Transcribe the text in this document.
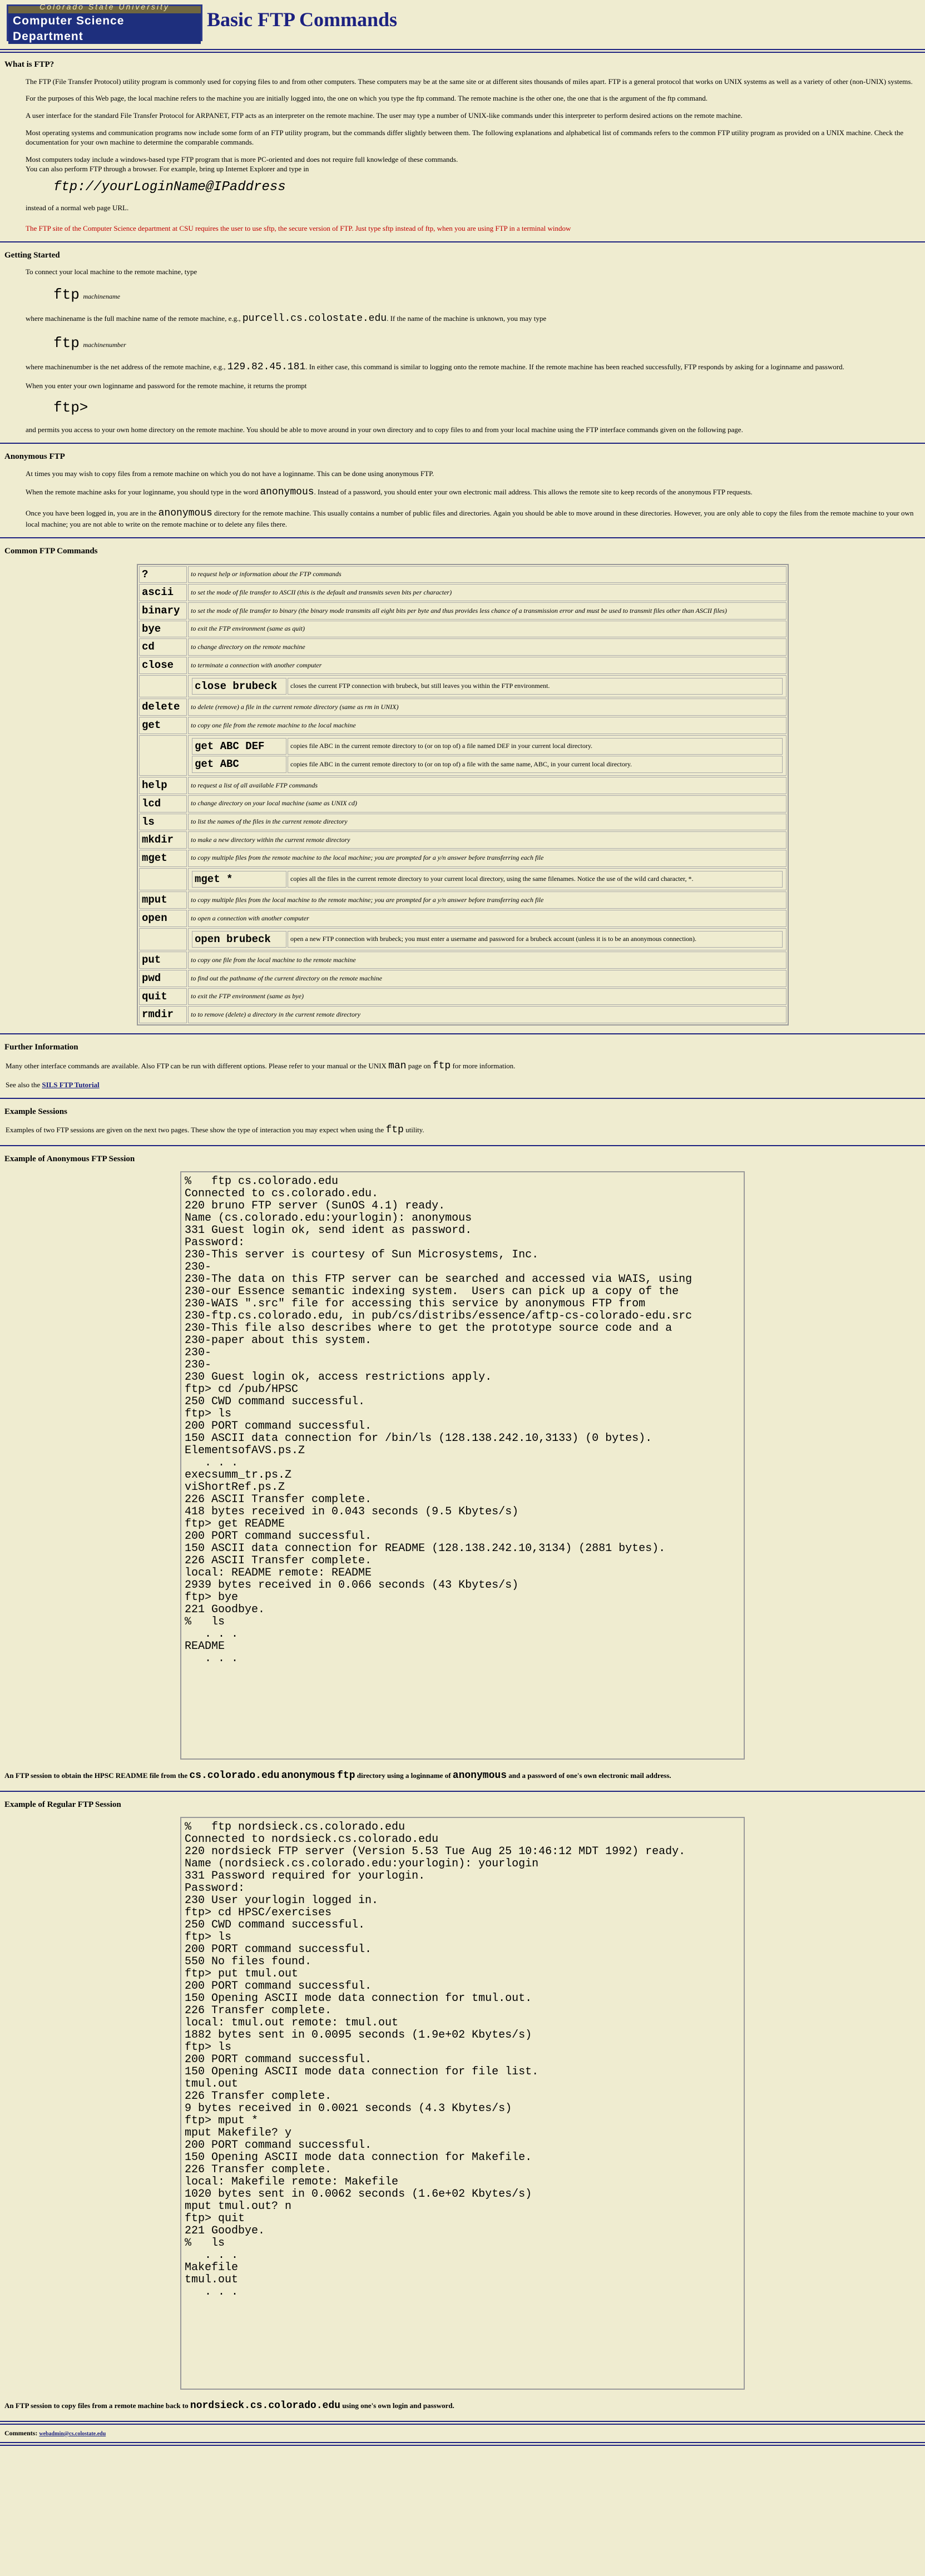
Colorado State University
Computer Science Department
Basic FTP Commands
What is FTP?

The FTP (File Transfer Protocol) utility program is commonly used for copying files to and from other computers. These computers may be at the same site or at different sites thousands of miles apart. FTP is a general protocol that works on UNIX systems as well as a variety of other (non-UNIX) systems.

For the purposes of this Web page, the local machine refers to the machine you are initially logged into, the one on which you type the ftp command. The remote machine is the other one, the one that is the argument of the ftp command.

A user interface for the standard File Transfer Protocol for ARPANET, FTP acts as an interpreter on the remote machine. The user may type a number of UNIX-like commands under this interpreter to perform desired actions on the remote machine.

Most operating systems and communication programs now include some form of an FTP utility program, but the commands differ slightly between them. The following explanations and alphabetical list of commands refers to the common FTP utility program as provided on a UNIX machine. Check the documentation for your own machine to determine the comparable commands.

Most computers today include a windows-based type FTP program that is more PC-oriented and does not require full knowledge of these commands.
You can also perform FTP through a browser. For example, bring up Internet Explorer and type in

ftp://yourLoginName@IPaddress

instead of a normal web page URL.

The FTP site of the Computer Science department at CSU requires the user to use sftp, the secure version of FTP. Just type sftp instead of ftp, when you are using FTP in a terminal window

Getting Started

To connect your local machine to the remote machine, type

ftp machinename

where machinename is the full machine name of the remote machine, e.g., purcell.cs.colostate.edu. If the name of the machine is unknown, you may type

ftp machinenumber

where machinenumber is the net address of the remote machine, e.g., 129.82.45.181. In either case, this command is similar to logging onto the remote machine. If the remote machine has been reached successfully, FTP responds by asking for a loginname and password.

When you enter your own loginname and password for the remote machine, it returns the prompt

ftp>

and permits you access to your own home directory on the remote machine. You should be able to move around in your own directory and to copy files to and from your local machine using the FTP interface commands given on the following page.

Anonymous FTP

At times you may wish to copy files from a remote machine on which you do not have a loginname. This can be done using anonymous FTP.

When the remote machine asks for your loginname, you should type in the word anonymous. Instead of a password, you should enter your own electronic mail address. This allows the remote site to keep records of the anonymous FTP requests.

Once you have been logged in, you are in the anonymous directory for the remote machine. This usually contains a number of public files and directories. Again you should be able to move around in these directories. However, you are only able to copy the files from the remote machine to your own local machine; you are not able to write on the remote machine or to delete any files there.

Common FTP Commands
?	to request help or information about the FTP commands
ascii	to set the mode of file transfer to ASCII (this is the default and transmits seven bits per character)
binary	to set the mode of file transfer to binary (the binary mode transmits all eight bits per byte and thus provides less chance of a transmission error and must be used to transmit files other than ASCII files)
bye	to exit the FTP environment (same as quit)
cd	to change directory on the remote machine
close	to terminate a connection with another computer

close brubeck	closes the current FTP connection with brubeck, but still leaves you within the FTP environment.

delete	to delete (remove) a file in the current remote directory (same as rm in UNIX)
get	to copy one file from the remote machine to the local machine

get ABC DEF	copies file ABC in the current remote directory to (or on top of) a file named DEF in your current local directory.
get ABC	copies file ABC in the current remote directory to (or on top of) a file with the same name, ABC, in your current local directory.

help	to request a list of all available FTP commands
lcd	to change directory on your local machine (same as UNIX cd)
ls	to list the names of the files in the current remote directory
mkdir	to make a new directory within the current remote directory
mget	to copy multiple files from the remote machine to the local machine; you are prompted for a y/n answer before transferring each file

mget *	copies all the files in the current remote directory to your current local directory, using the same filenames. Notice the use of the wild card character, *.

mput	to copy multiple files from the local machine to the remote machine; you are prompted for a y/n answer before transferring each file
open	to open a connection with another computer

open brubeck	open a new FTP connection with brubeck; you must enter a username and password for a brubeck account (unless it is to be an anonymous connection).

put	to copy one file from the local machine to the remote machine
pwd	to find out the pathname of the current directory on the remote machine
quit	to exit the FTP environment (same as bye)
rmdir	to to remove (delete) a directory in the current remote directory
Further Information

Many other interface commands are available. Also FTP can be run with different options. Please refer to your manual or the UNIX man page on ftp for more information.

See also the SILS FTP Tutorial

Example Sessions

Examples of two FTP sessions are given on the next two pages. These show the type of interaction you may expect when using the ftp utility.

Example of Anonymous FTP Session
%   ftp cs.colorado.edu
Connected to cs.colorado.edu.
220 bruno FTP server (SunOS 4.1) ready.
Name (cs.colorado.edu:yourlogin): anonymous
331 Guest login ok, send ident as password.
Password:
230-This server is courtesy of Sun Microsystems, Inc.
230-
230-The data on this FTP server can be searched and accessed via WAIS, using
230-our Essence semantic indexing system.  Users can pick up a copy of the
230-WAIS ".src" file for accessing this service by anonymous FTP from
230-ftp.cs.colorado.edu, in pub/cs/distribs/essence/aftp-cs-colorado-edu.src
230-This file also describes where to get the prototype source code and a
230-paper about this system.
230-
230-
230 Guest login ok, access restrictions apply.
ftp> cd /pub/HPSC
250 CWD command successful.
ftp> ls
200 PORT command successful.
150 ASCII data connection for /bin/ls (128.138.242.10,3133) (0 bytes).
ElementsofAVS.ps.Z
. . .
execsumm_tr.ps.Z
viShortRef.ps.Z
226 ASCII Transfer complete.
418 bytes received in 0.043 seconds (9.5 Kbytes/s)
ftp> get README
200 PORT command successful.
150 ASCII data connection for README (128.138.242.10,3134) (2881 bytes).
226 ASCII Transfer complete.
local: README remote: README
2939 bytes received in 0.066 seconds (43 Kbytes/s)
ftp> bye
221 Goodbye.
%   ls
. . .
README
. . .
An FTP session to obtain the HPSC README file from the cs.colorado.edu anonymous ftp directory using a loginname of anonymous and a password of one's own electronic mail address.
Example of Regular FTP Session
%   ftp nordsieck.cs.colorado.edu
Connected to nordsieck.cs.colorado.edu
220 nordsieck FTP server (Version 5.53 Tue Aug 25 10:46:12 MDT 1992) ready.
Name (nordsieck.cs.colorado.edu:yourlogin): yourlogin
331 Password required for yourlogin.
Password:
230 User yourlogin logged in.
ftp> cd HPSC/exercises
250 CWD command successful.
ftp> ls
200 PORT command successful.
550 No files found.
ftp> put tmul.out
200 PORT command successful.
150 Opening ASCII mode data connection for tmul.out.
226 Transfer complete.
local: tmul.out remote: tmul.out
1882 bytes sent in 0.0095 seconds (1.9e+02 Kbytes/s)
ftp> ls
200 PORT command successful.
150 Opening ASCII mode data connection for file list.
tmul.out
226 Transfer complete.
9 bytes received in 0.0021 seconds (4.3 Kbytes/s)
ftp> mput *
mput Makefile? y
200 PORT command successful.
150 Opening ASCII mode data connection for Makefile.
226 Transfer complete.
local: Makefile remote: Makefile
1020 bytes sent in 0.0062 seconds (1.6e+02 Kbytes/s)
mput tmul.out? n
ftp> quit
221 Goodbye.
%   ls
. . .
Makefile
tmul.out
. . .
An FTP session to copy files from a remote machine back to nordsieck.cs.colorado.edu using one's own login and password.
Comments: webadmin@cs.colostate.edu
